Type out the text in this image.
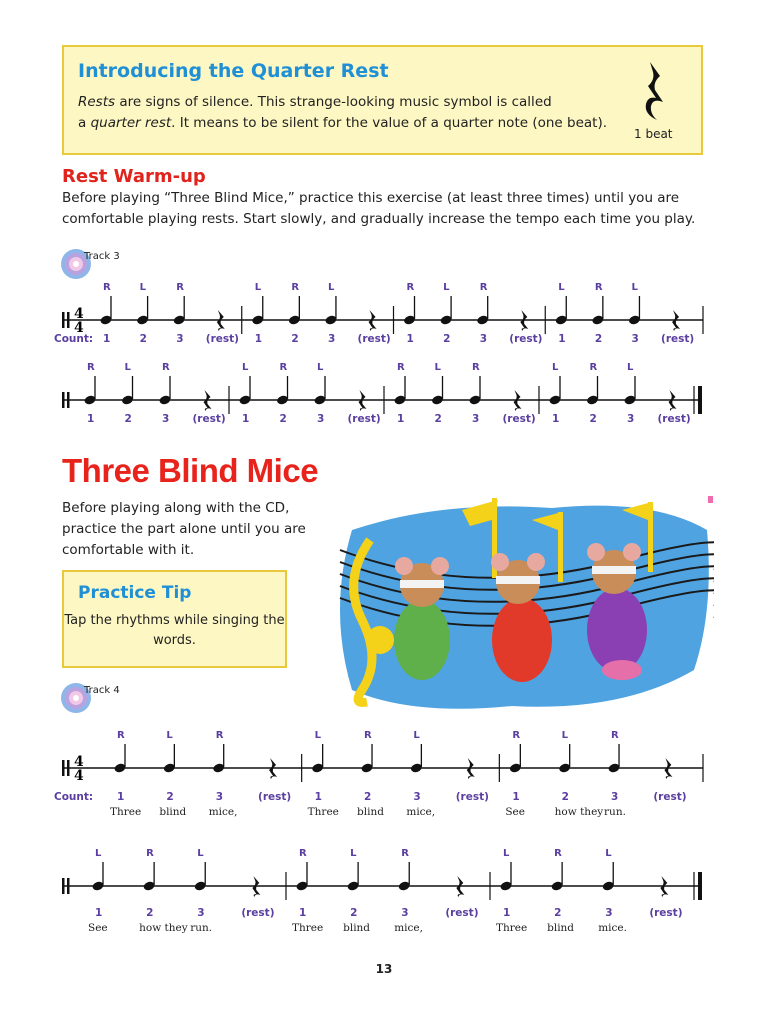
Introducing the Quarter Rest
Rests are signs of silence. This strange-looking music symbol is called
a quarter rest. It means to be silent for the value of a quarter note (one beat).
1 beat
Rest Warm-up
Before playing “Three Blind Mice,” practice this exercise (at least three times) until you are comfortable playing rests. Start slowly, and gradually increase the tempo each time you play.
Track 3
4
4
R
1
L
2
R
3 (rest)
L
1
R
2
L
3 (rest)
R
1
L
2
R
3 (rest)
L
1
R
2
L
3 (rest)
Count:
R
1
L
2
R
3 (rest)
L
1
R
2
L
3 (rest)
R
1
L
2
R
3 (rest)
L
1
R
2
L
3 (rest)
Three Blind Mice
Before playing along with the CD, practice the part alone until you are comfortable with it.
Practice Tip
Tap the rhythms while singing the words.
Track 4
4
4
R
1
Three
L
2
blind
R
3
mice,
(rest)
L
1
Three
R
2
blind
L
3
mice,
(rest)
R
1
See
L
2
how they
R
3
run.
(rest)
Count:
L
1
See
R
2
how they
L
3
run.
(rest)
R
1
Three
L
2
blind
R
3
mice,
(rest)
L
1
Three
R
2
blind
L
3
mice.
(rest)
13
